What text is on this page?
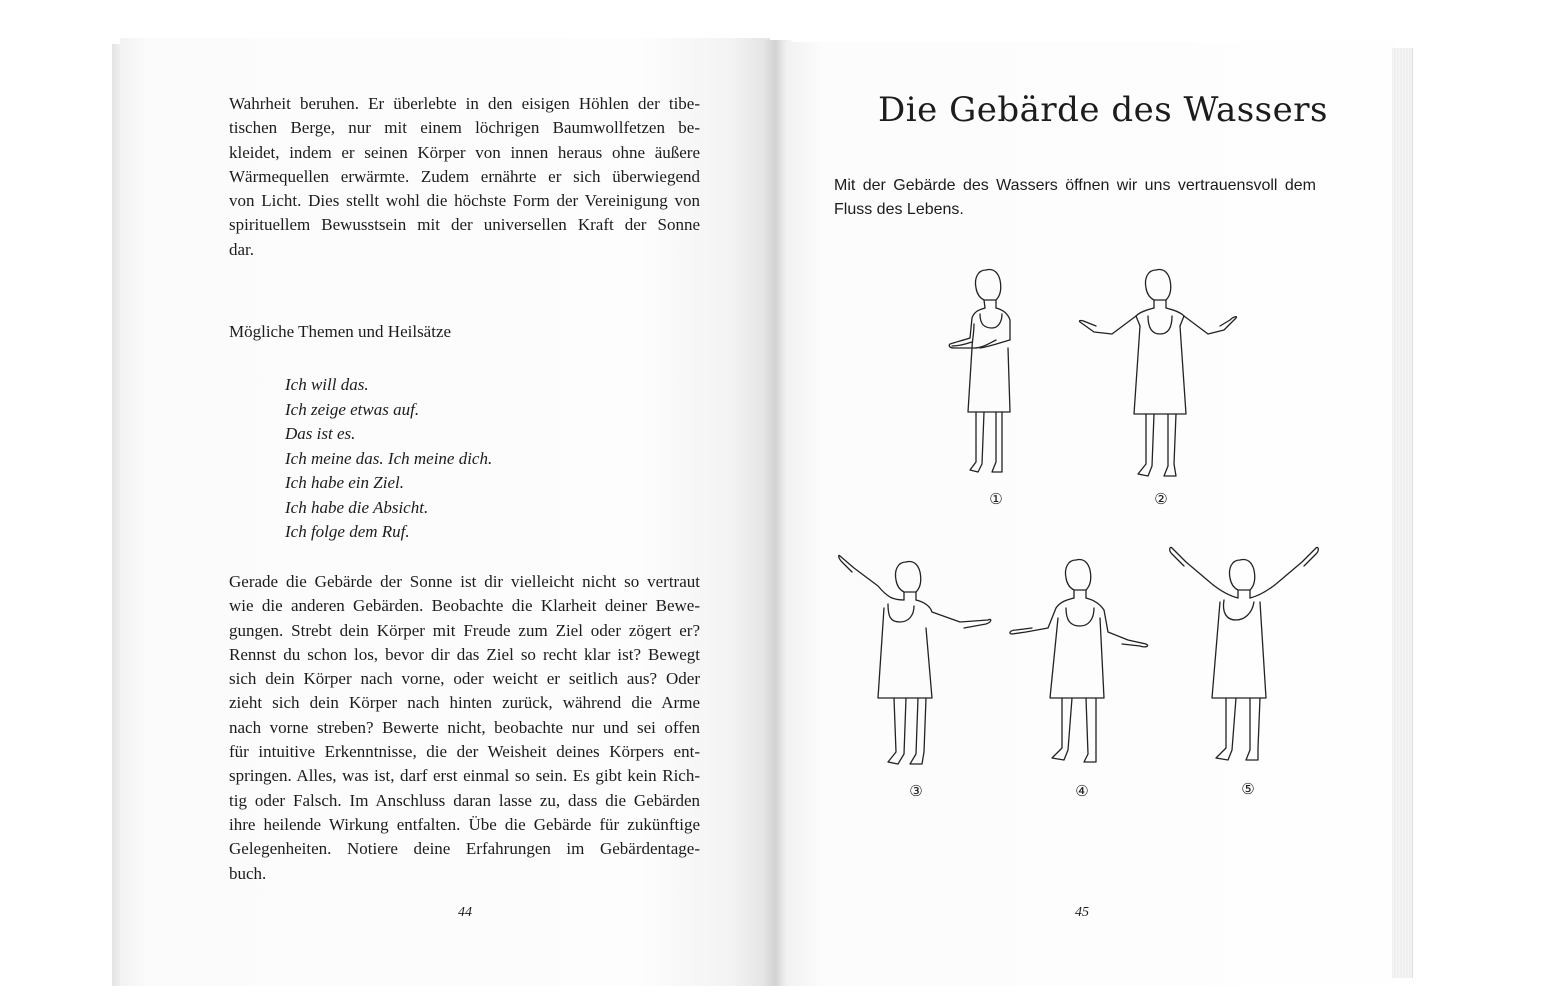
Wahrheit beruhen. Er überlebte in den eisigen Höhlen der tibe-
tischen Berge, nur mit einem löchrigen Baumwollfetzen be-
kleidet, indem er seinen Körper von innen heraus ohne äußere
Wärmequellen erwärmte. Zudem ernährte er sich überwiegend
von Licht. Dies stellt wohl die höchste Form der Vereinigung von
spirituellem Bewusstsein mit der universellen Kraft der Sonne
dar.

Mögliche Themen und Heilsätze

Ich will das.
Ich zeige etwas auf.
Das ist es.
Ich meine das. Ich meine dich.
Ich habe ein Ziel.
Ich habe die Absicht.
Ich folge dem Ruf.

Gerade die Gebärde der Sonne ist dir vielleicht nicht so vertraut
wie die anderen Gebärden. Beobachte die Klarheit deiner Bewe-
gungen. Strebt dein Körper mit Freude zum Ziel oder zögert er?
Rennst du schon los, bevor dir das Ziel so recht klar ist? Bewegt
sich dein Körper nach vorne, oder weicht er seitlich aus? Oder
zieht sich dein Körper nach hinten zurück, während die Arme
nach vorne streben? Bewerte nicht, beobachte nur und sei offen
für intuitive Erkenntnisse, die der Weisheit deines Körpers ent-
springen. Alles, was ist, darf erst einmal so sein. Es gibt kein Rich-
tig oder Falsch. Im Anschluss daran lasse zu, dass die Gebärden
ihre heilende Wirkung entfalten. Übe die Gebärde für zukünftige
Gelegenheiten. Notiere deine Erfahrungen im Gebärdentage-
buch.

44
Die Gebärde des Wassers

Mit der Gebärde des Wassers öffnen wir uns vertrauensvoll dem
Fluss des Lebens.

①	②
③	④	⑤
45
